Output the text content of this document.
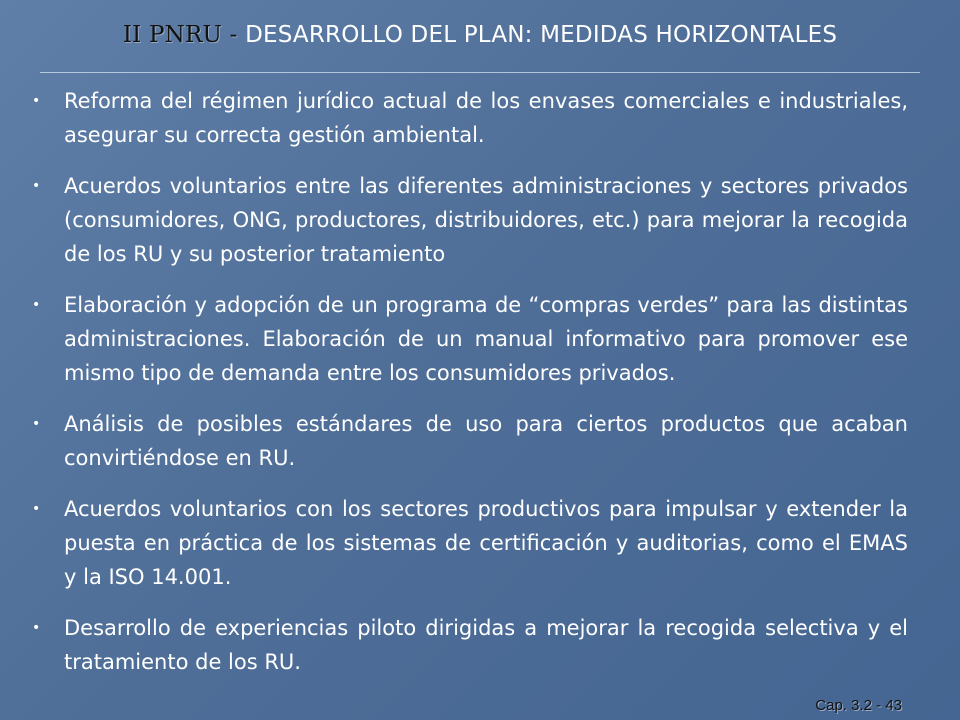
II PNRU - DESARROLLO DEL PLAN: MEDIDAS HORIZONTALES
• Reforma del régimen jurídico actual de los envases comerciales e industriales, asegurar su correcta gestión ambiental.
• Acuerdos voluntarios entre las diferentes administraciones y sectores privados (consumidores, ONG, productores, distribuidores, etc.) para mejorar la recogida de los RU y su posterior tratamiento
• Elaboración y adopción de un programa de “compras verdes” para las distintas administraciones. Elaboración de un manual informativo para promover ese mismo tipo de demanda entre los consumidores privados.
• Análisis de posibles estándares de uso para ciertos productos que acaban convirtiéndose en RU.
• Acuerdos voluntarios con los sectores productivos para impulsar y extender la puesta en práctica de los sistemas de certificación y auditorias, como el EMAS y la ISO 14.001.
• Desarrollo de experiencias piloto dirigidas a mejorar la recogida selectiva y el tratamiento de los RU.
Cap. 3.2 - 43
